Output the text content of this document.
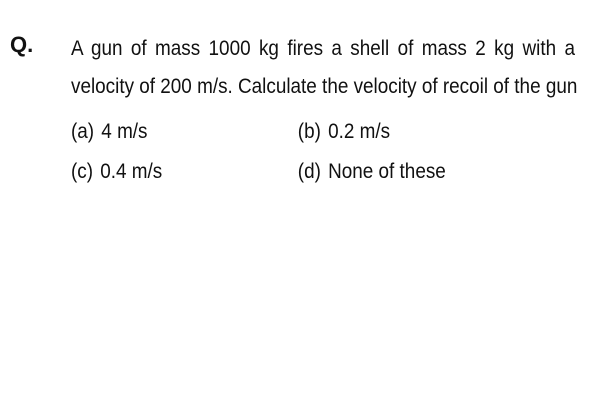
Q. A gun of mass 1000 kg fires a shell of mass 2 kg with a
velocity of 200 m/s. Calculate the velocity of recoil of the gun
(a) 4 m/s	(b) 0.2 m/s
(c) 0.4 m/s	(d) None of these
